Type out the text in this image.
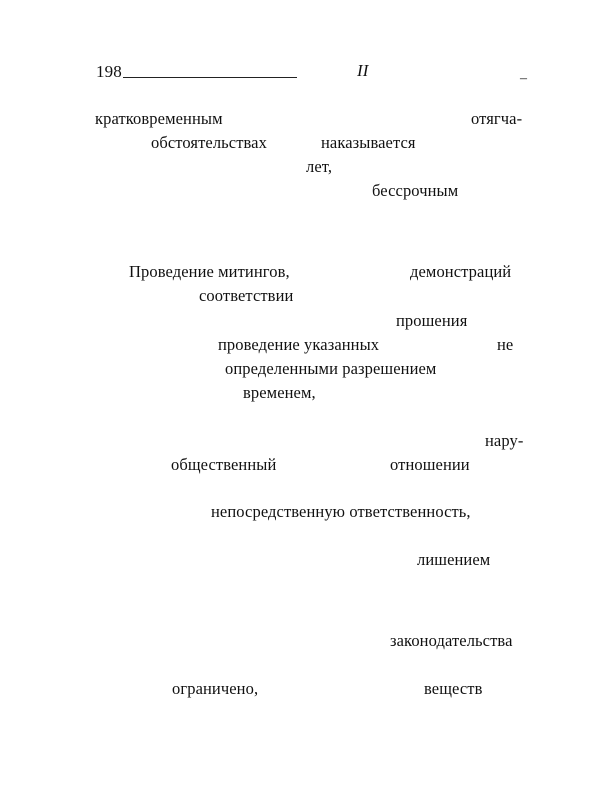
198	II	–
кратковременным	отягча-
обстоятельствах	наказывается
лет,
бессрочным
Проведение митингов,	демонстраций
соответствии
прошения
проведение указанных	не
определенными разрешением
временем,
нару-
общественный	отношении
непосредственную ответственность,
лишением
законодательства
ограничено,	веществ
